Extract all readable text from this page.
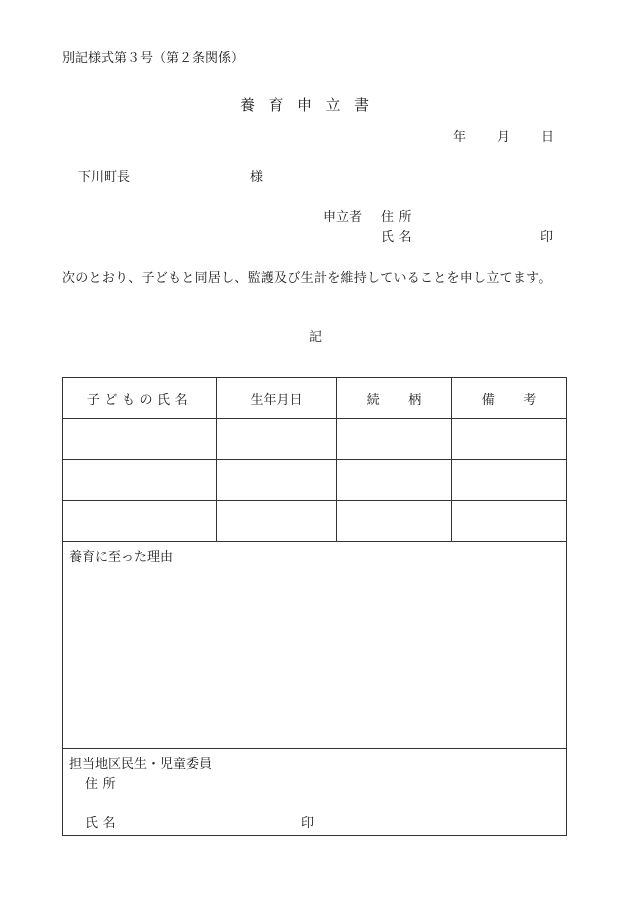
別記様式第３号（第２条関係）
養育申立書
年 月 日
下川町長	様
申立者 住所
氏名	印
次のとおり、子どもと同居し、監護及び生計を維持していることを申し立てます。
記
子どもの氏名	生年月日	続柄	備考

養育に至った理由			

担当地区民生・児童委員
住所
氏名 印			
